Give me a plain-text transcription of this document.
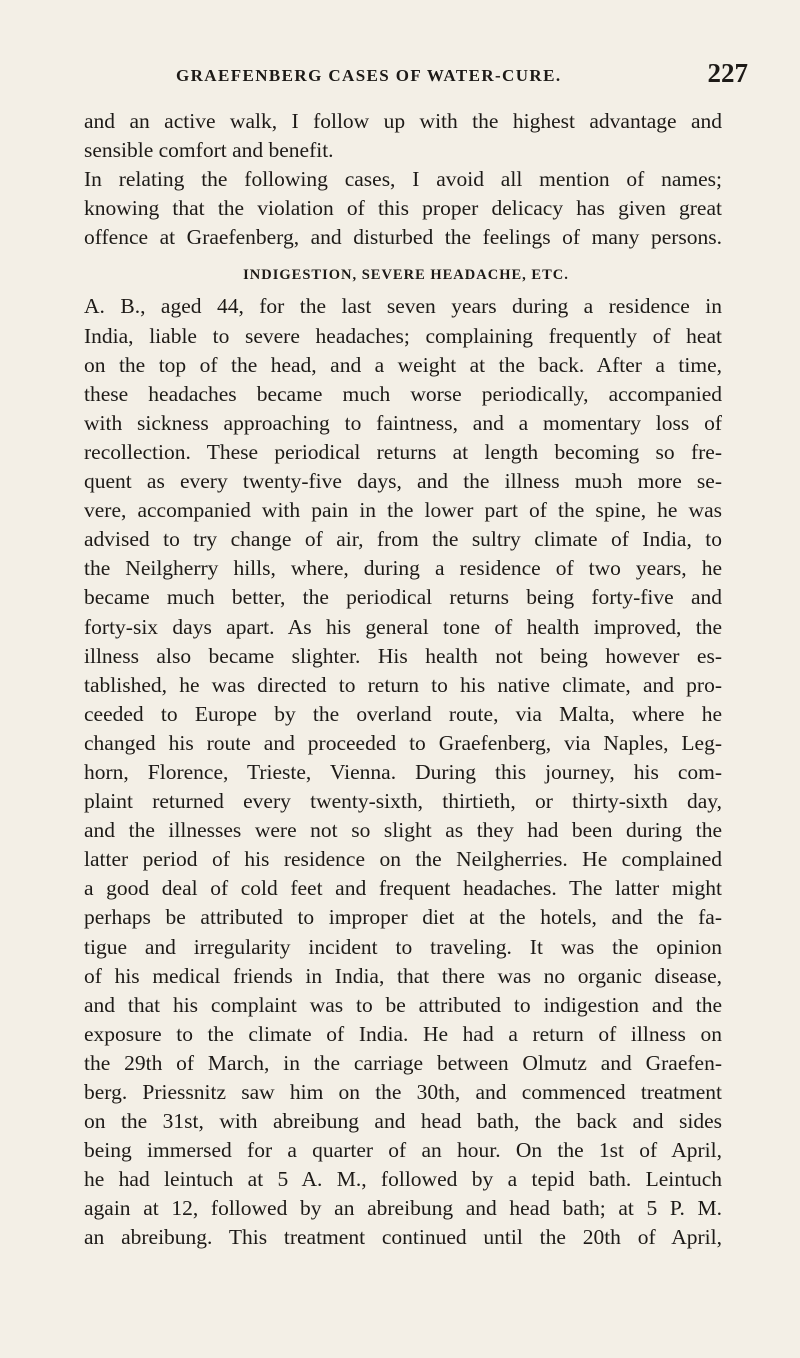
GRAEFENBERG CASES OF WATER-CURE.	227
and an active walk, I follow up with the highest advantage and
sensible comfort and benefit.
In relating the following cases, I avoid all mention of names;
knowing that the violation of this proper delicacy has given great
offence at Graefenberg, and disturbed the feelings of many persons.
INDIGESTION, SEVERE HEADACHE, ETC.
A. B., aged 44, for the last seven years during a residence in
India, liable to severe headaches; complaining frequently of heat
on the top of the head, and a weight at the back. After a time,
these headaches became much worse periodically, accompanied
with sickness approaching to faintness, and a momentary loss of
recollection. These periodical returns at length becoming so fre-
quent as every twenty-five days, and the illness muɔh more se-
vere, accompanied with pain in the lower part of the spine, he was
advised to try change of air, from the sultry climate of India, to
the Neilgherry hills, where, during a residence of two years, he
became much better, the periodical returns being forty-five and
forty-six days apart. As his general tone of health improved, the
illness also became slighter. His health not being however es-
tablished, he was directed to return to his native climate, and pro-
ceeded to Europe by the overland route, via Malta, where he
changed his route and proceeded to Graefenberg, via Naples, Leg-
horn, Florence, Trieste, Vienna. During this journey, his com-
plaint returned every twenty-sixth, thirtieth, or thirty-sixth day,
and the illnesses were not so slight as they had been during the
latter period of his residence on the Neilgherries. He complained
a good deal of cold feet and frequent headaches. The latter might
perhaps be attributed to improper diet at the hotels, and the fa-
tigue and irregularity incident to traveling. It was the opinion
of his medical friends in India, that there was no organic disease,
and that his complaint was to be attributed to indigestion and the
exposure to the climate of India. He had a return of illness on
the 29th of March, in the carriage between Olmutz and Graefen-
berg. Priessnitz saw him on the 30th, and commenced treatment
on the 31st, with abreibung and head bath, the back and sides
being immersed for a quarter of an hour. On the 1st of April,
he had leintuch at 5 A. M., followed by a tepid bath. Leintuch
again at 12, followed by an abreibung and head bath; at 5 P. M.
an abreibung. This treatment continued until the 20th of April,
